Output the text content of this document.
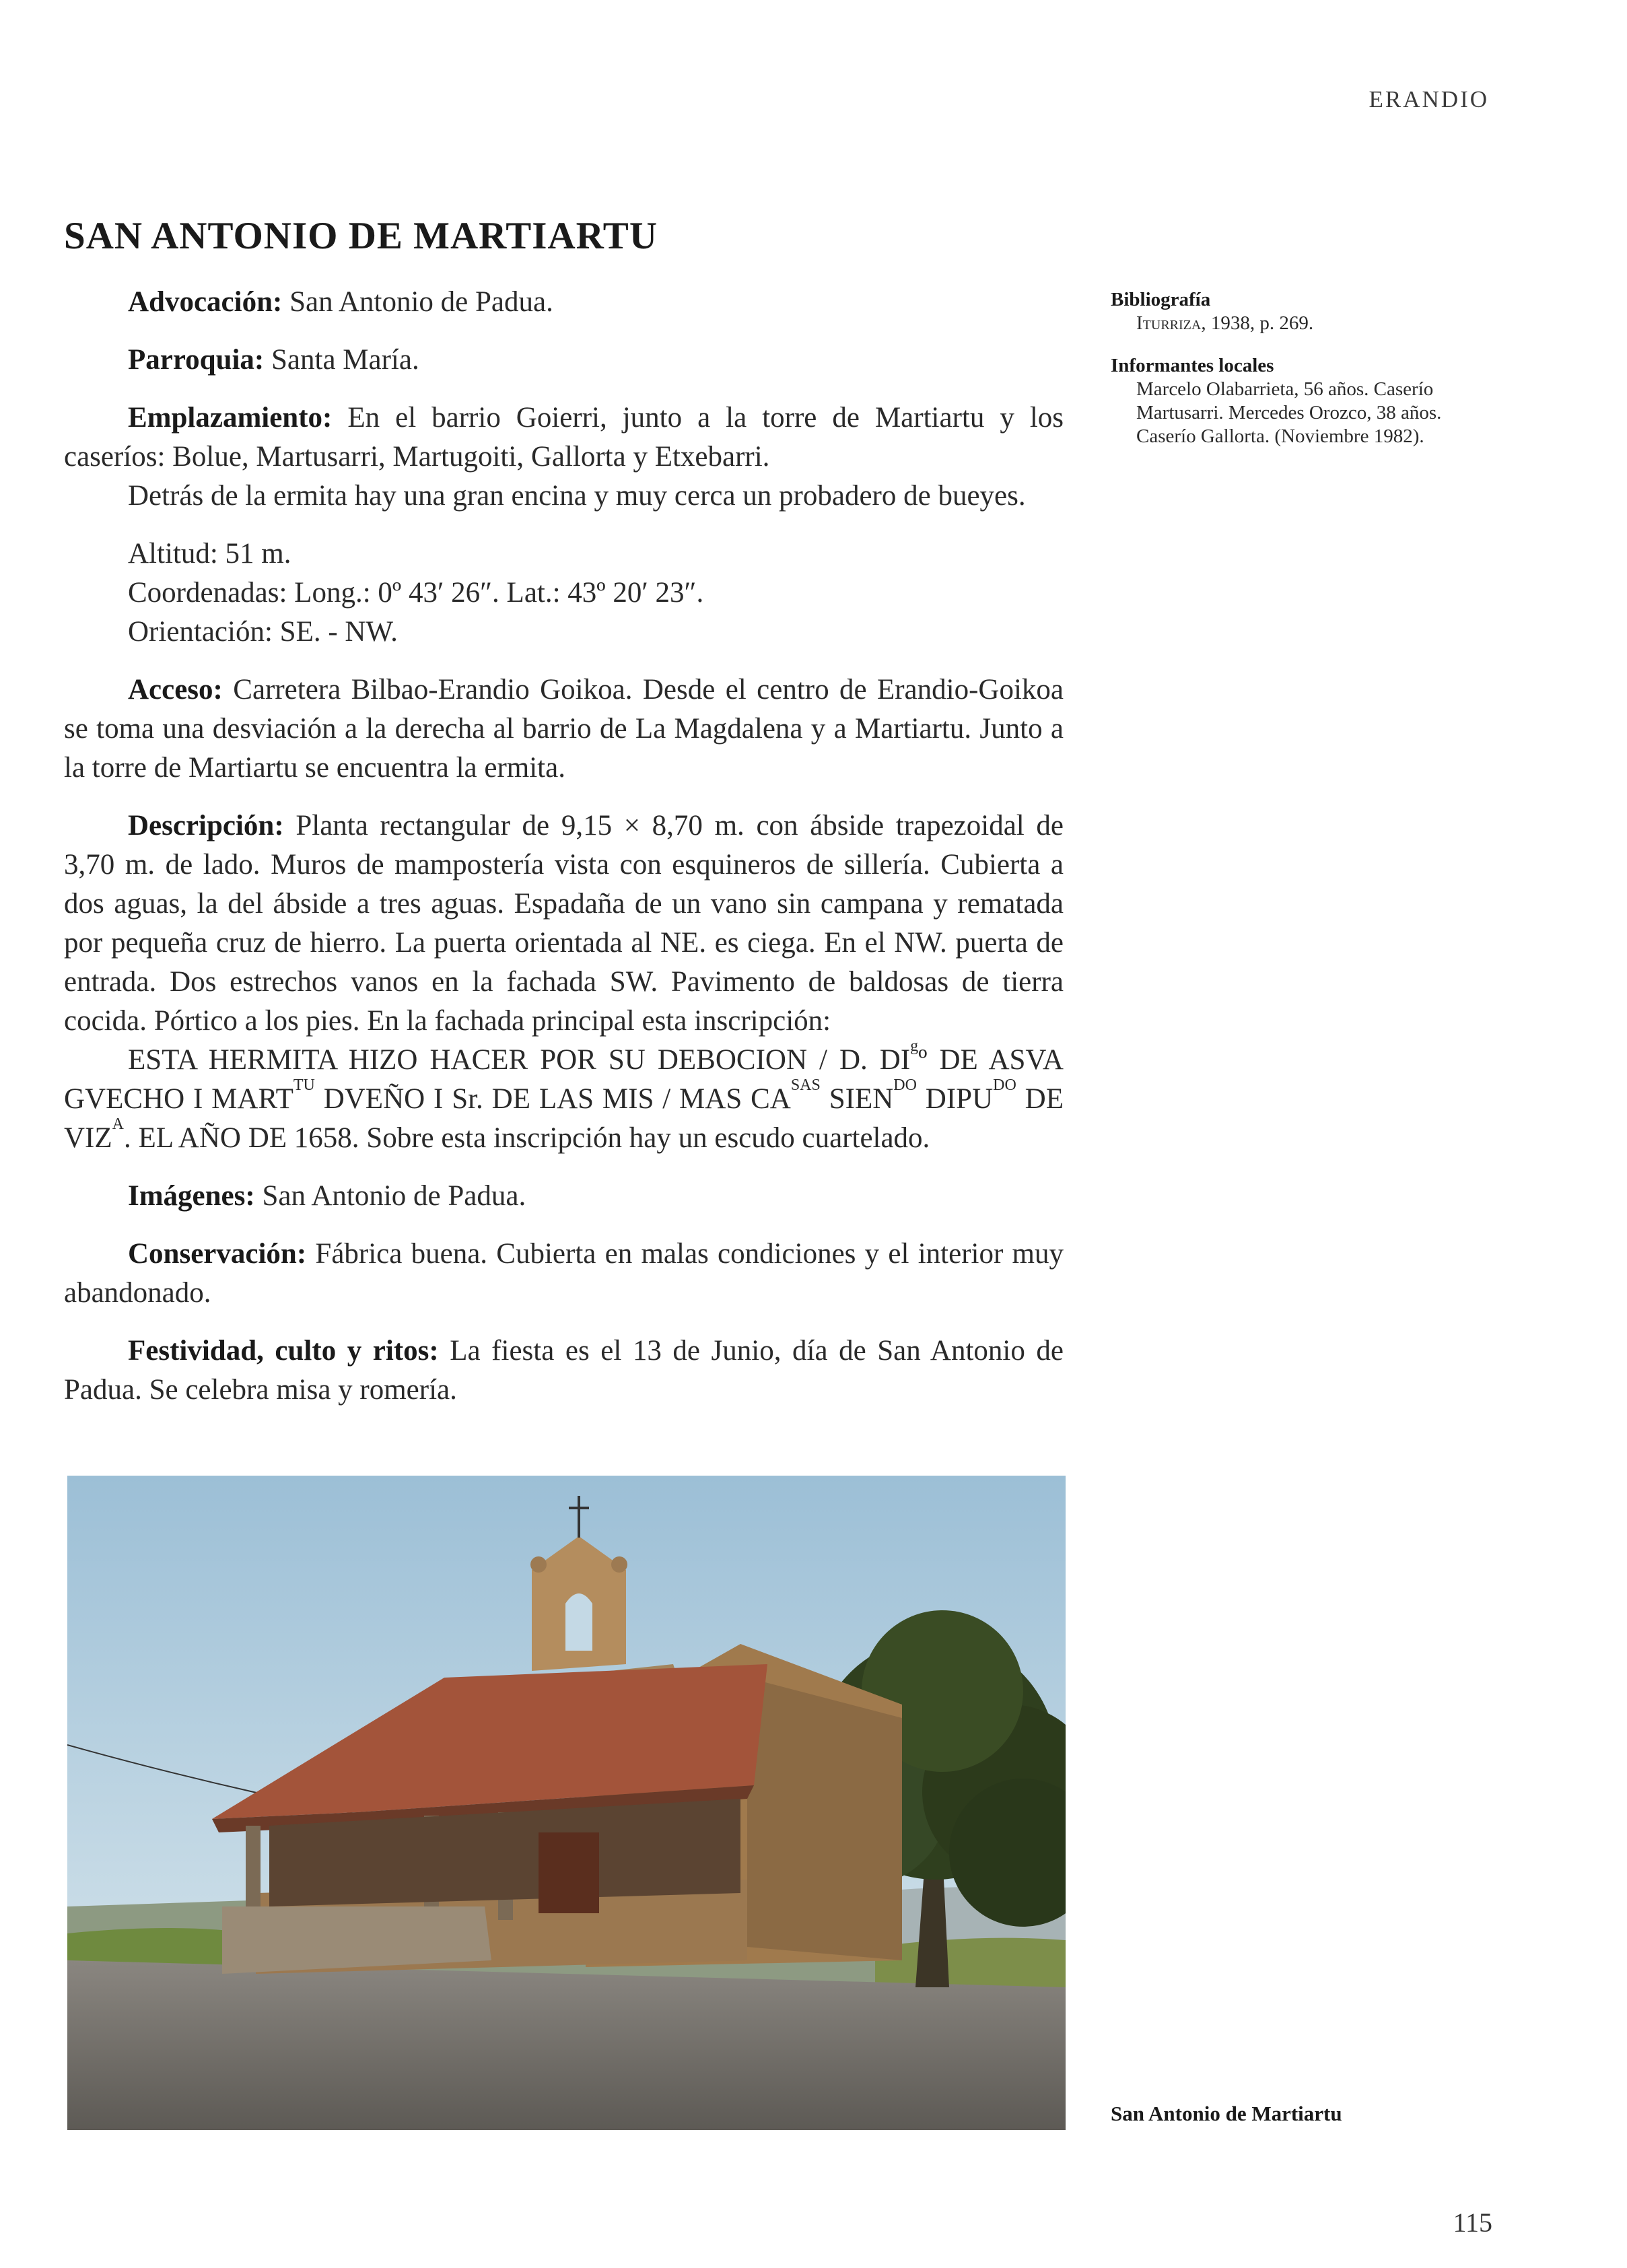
ERANDIO
SAN ANTONIO DE MARTIARTU

Advocación: San Antonio de Padua.

Parroquia: Santa María.

Emplazamiento: En el barrio Goierri, junto a la torre de Martiartu y los caseríos: Bolue, Martusarri, Martugoiti, Gallorta y Etxebarri.

Detrás de la ermita hay una gran encina y muy cerca un probadero de bueyes.

Altitud: 51 m.

Coordenadas: Long.: 0º 43′ 26″. Lat.: 43º 20′ 23″.

Orientación: SE. - NW.

Acceso: Carretera Bilbao-Erandio Goikoa. Desde el centro de Erandio-Goikoa se toma una desviación a la derecha al barrio de La Magdalena y a Martiartu. Junto a la torre de Martiartu se encuentra la ermita.

Descripción: Planta rectangular de 9,15 × 8,70 m. con ábside trapezoidal de 3,70 m. de lado. Muros de mampostería vista con esquineros de sillería. Cubierta a dos aguas, la del ábside a tres aguas. Espadaña de un vano sin campana y rematada por pequeña cruz de hierro. La puerta orientada al NE. es ciega. En el NW. puerta de entrada. Dos estrechos vanos en la fachada SW. Pavimento de baldosas de tierra cocida. Pórtico a los pies. En la fachada principal esta inscripción:

ESTA HERMITA HIZO HACER POR SU DEBOCION / D. $DI^gº$ DE ASVA GVECHO I $MART^{TU}$ DVEÑO I Sr. DE LAS MIS / MAS $CA^{SAS}$ $SIEN^{DO}$ $DIPU^{DO}$ DE $VIZ^A$. EL AÑO DE 1658. Sobre esta inscripción hay un escudo cuartelado.

Imágenes: San Antonio de Padua.

Conservación: Fábrica buena. Cubierta en malas condiciones y el interior muy abandonado.

Festividad, culto y ritos: La fiesta es el 13 de Junio, día de San Antonio de Padua. Se celebra misa y romería.

Bibliografía

Iturriza, 1938, p. 269.

Informantes locales

Marcelo Olabarrieta, 56 años. Caserío Martusarri. Mercedes Orozco, 38 años. Caserío Gallorta. (Noviembre 1982).

San Antonio de Martiartu

115
